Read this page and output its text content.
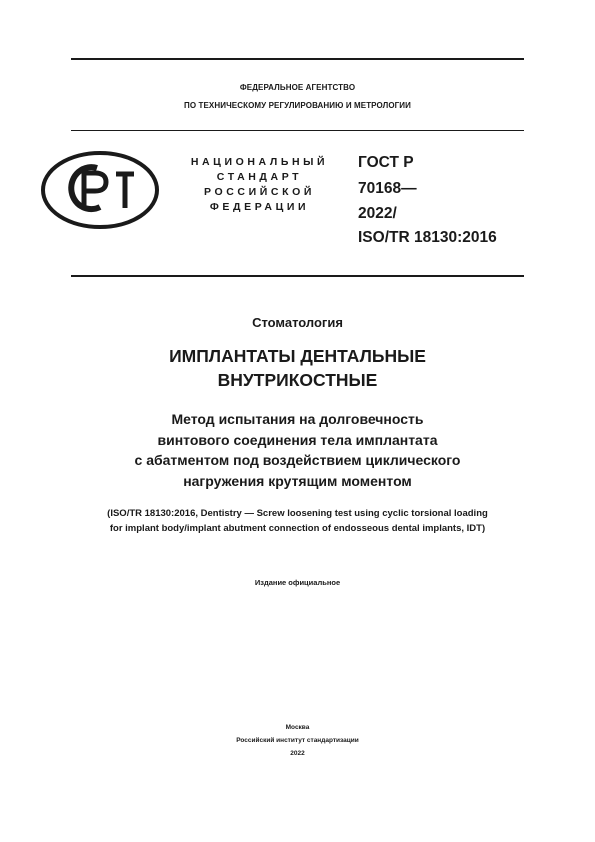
ФЕДЕРАЛЬНОЕ АГЕНТСТВО
ПО ТЕХНИЧЕСКОМУ РЕГУЛИРОВАНИЮ И МЕТРОЛОГИИ
НАЦИОНАЛЬНЫЙ
СТАНДАРТ
РОССИЙСКОЙ
ФЕДЕРАЦИИ
ГОСТ Р
70168—
2022/
ISO/TR 18130:2016
Стоматология
ИМПЛАНТАТЫ ДЕНТАЛЬНЫЕ
ВНУТРИКОСТНЫЕ
Метод испытания на долговечность
винтового соединения тела имплантата
с абатментом под воздействием циклического
нагружения крутящим моментом
(ISO/TR 18130:2016, Dentistry — Screw loosening test using cyclic torsional loading
for implant body/implant abutment connection of endosseous dental implants, IDT)
Издание официальное
Москва
Российский институт стандартизации
2022
